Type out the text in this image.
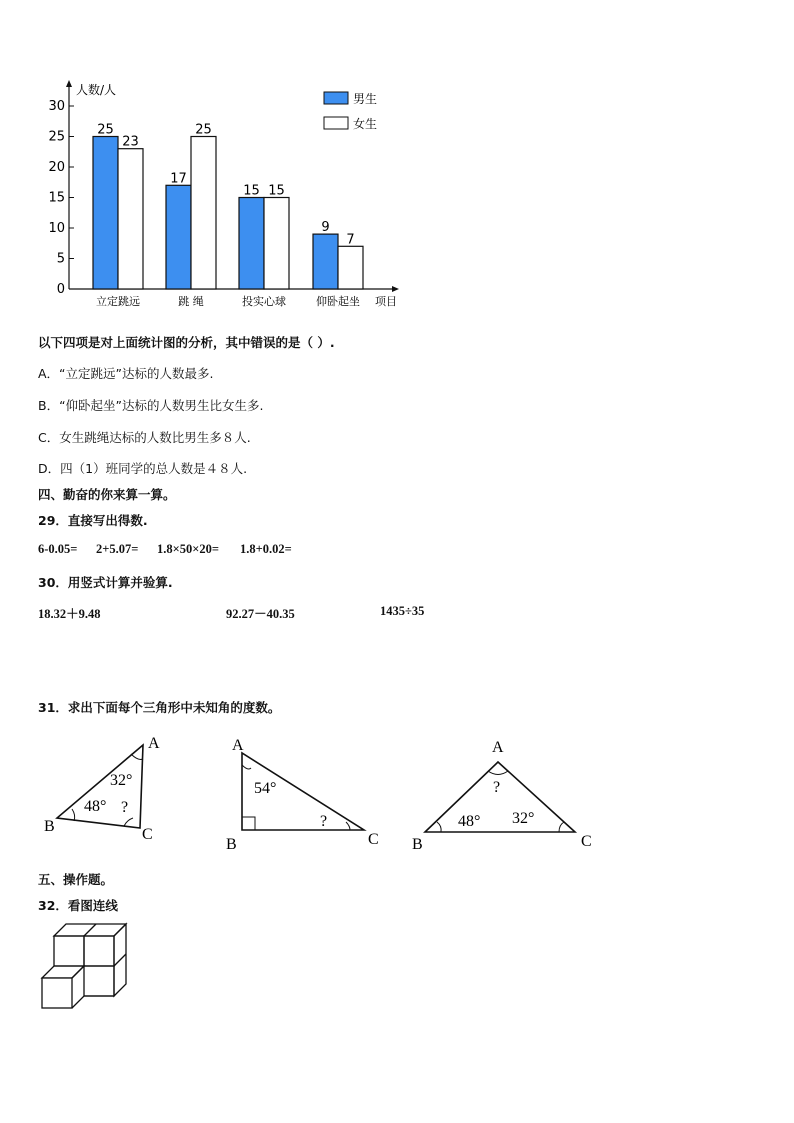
0
5
10
15
20
25
30
人数/人
项目
25
23
立定跳远
17
25
跳 绳
15 15
投实心球
9
7
仰卧起坐
男生
女生
以下四项是对上面统计图的分析，其中错误的是（ ）.
A．“立定跳远”达标的人数最多.
B．“仰卧起坐”达标的人数男生比女生多.
C．女生跳绳达标的人数比男生多８人.
D．四（1）班同学的总人数是４８人.
四、勤奋的你来算一算。
29．直接写出得数.
6-0.05= 2+5.07= 1.8×50×20= 1.8+0.02=
30．用竖式计算并验算.
18.32＋9.48	92.27－40.35	1435÷35
31．求出下面每个三角形中未知角的度数。
A
B	C
32°
48° ?
A
B	C
54°
?
A
B	C
48° 32°
?
五、操作题。
32．看图连线
